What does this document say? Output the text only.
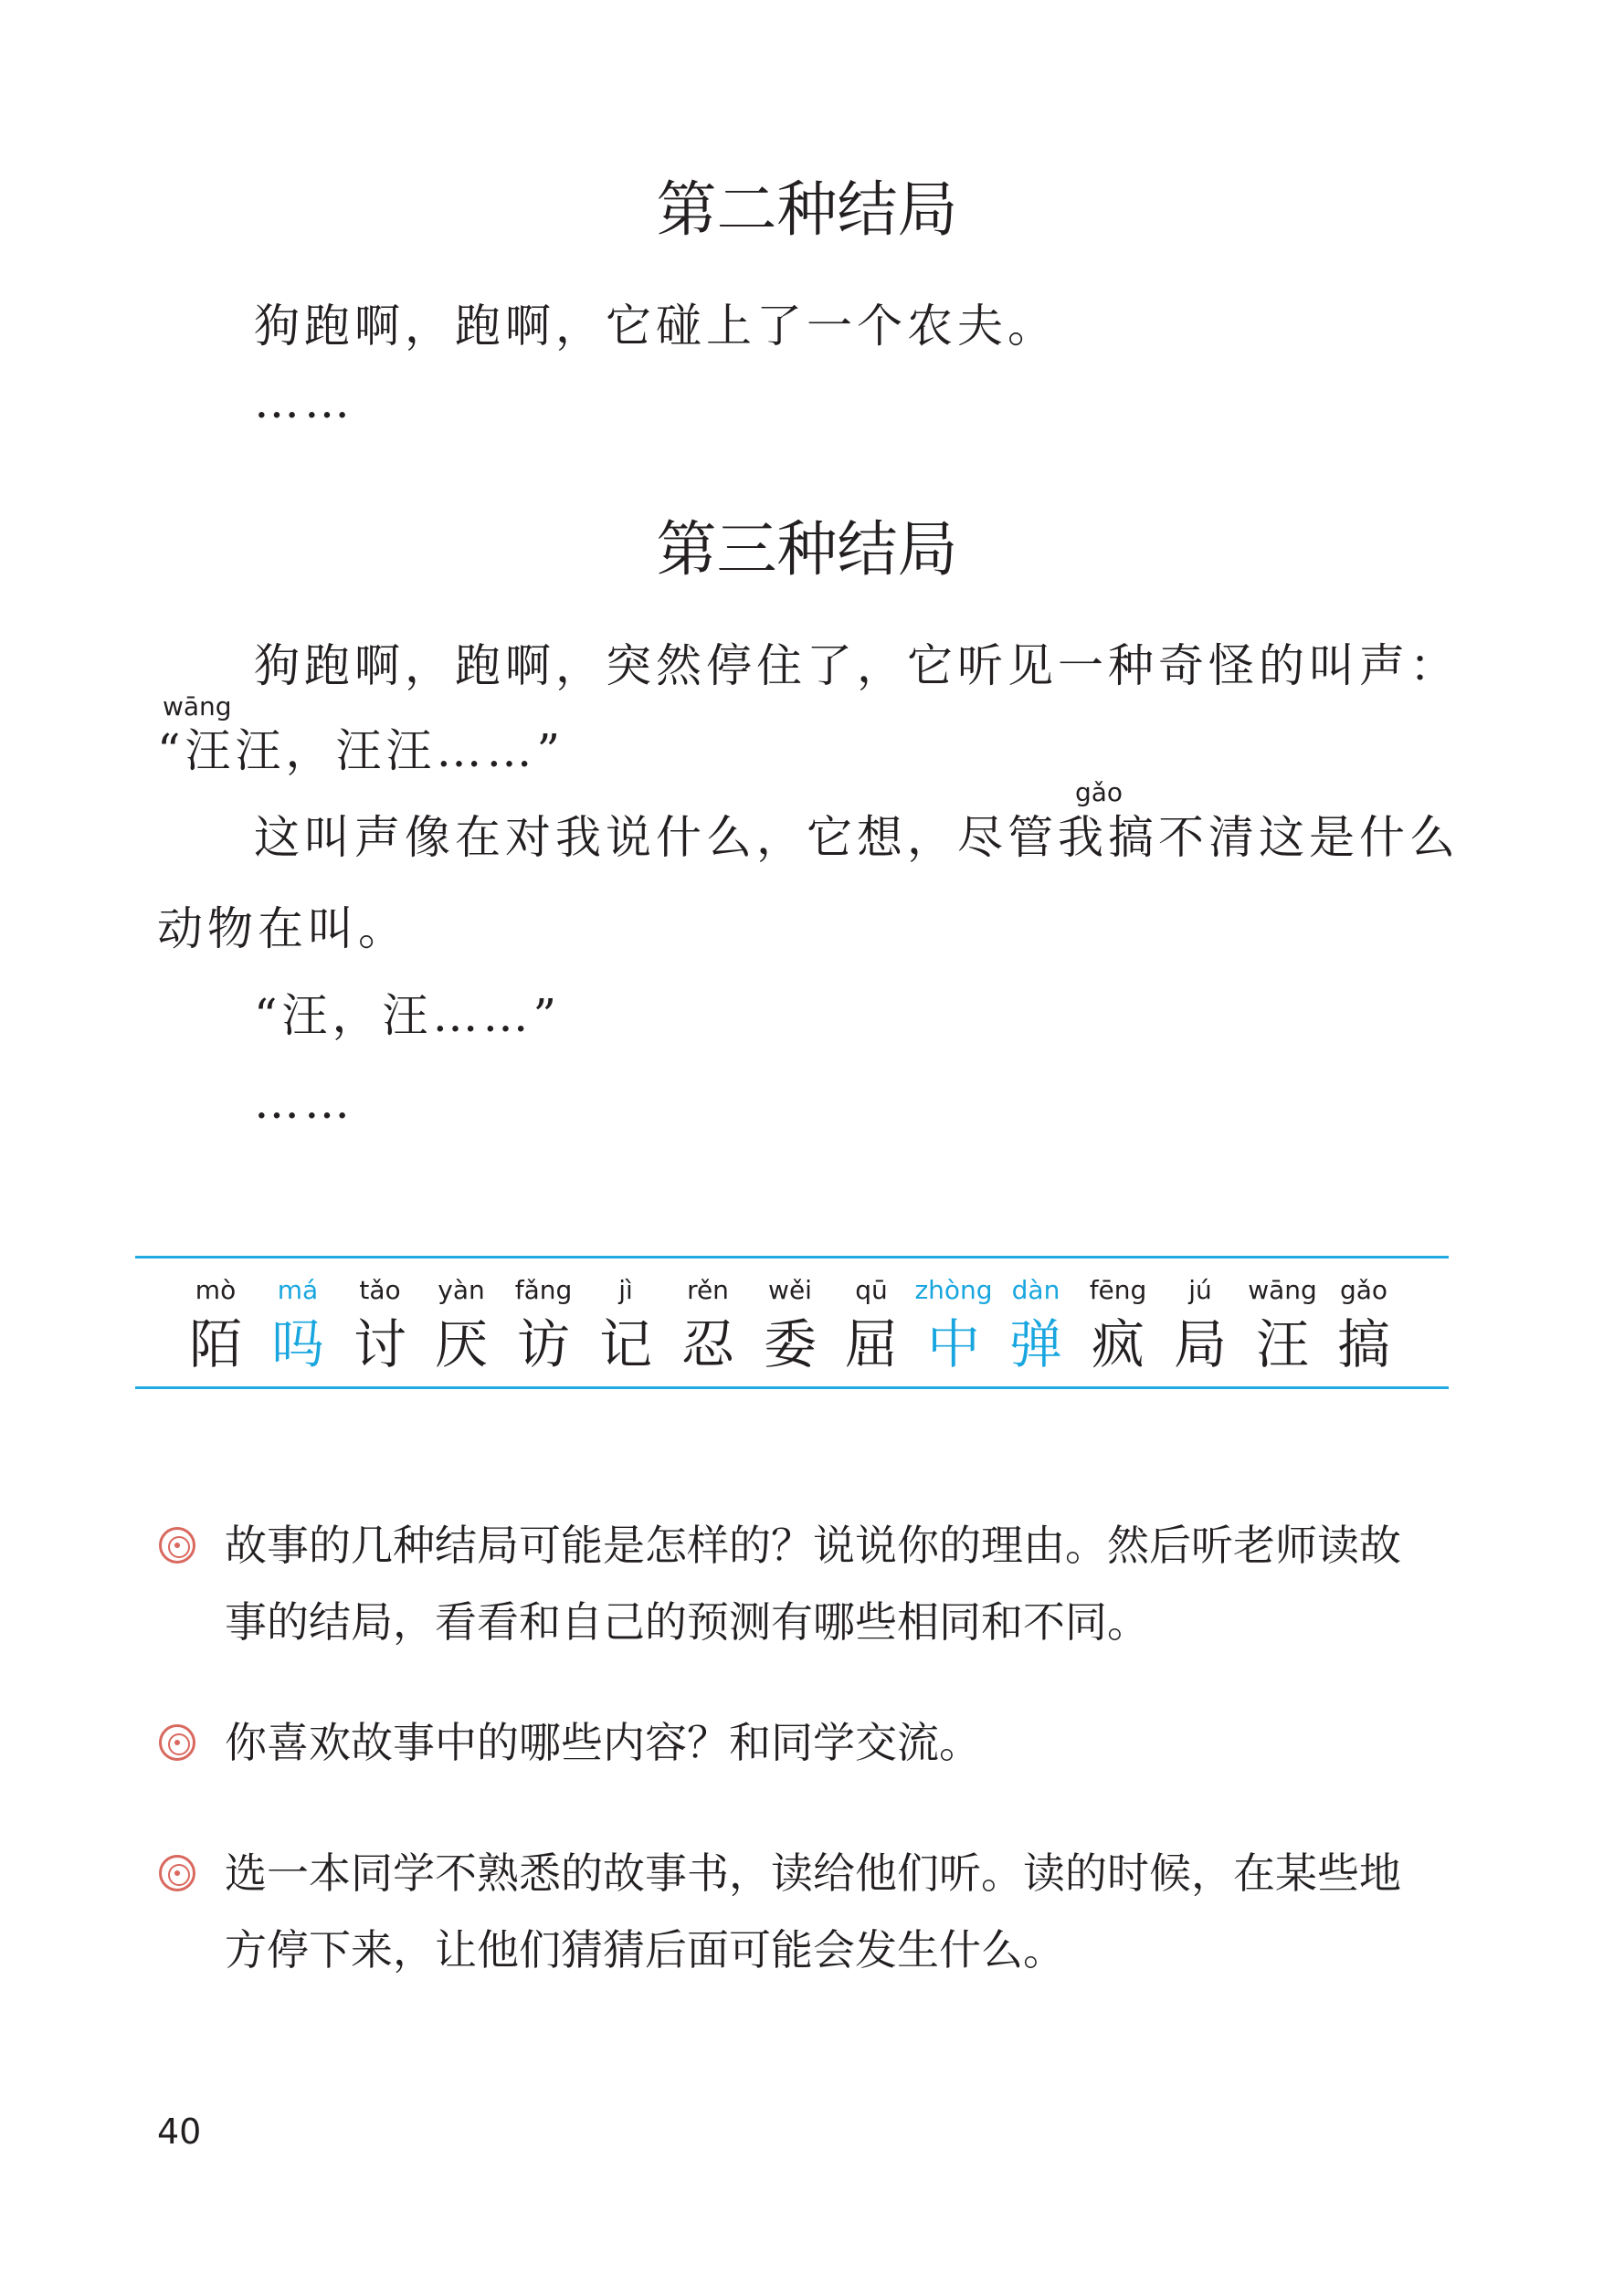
第二种结局
狗跑啊，跑啊，它碰上了一个农夫。
……
第三种结局
狗跑啊，跑啊，突然停住了，它听见一种奇怪的叫声：
wāng
“汪汪，汪汪……”
gǎo
这叫声像在对我说什么，它想，尽管我搞不清这是什么
动物在叫。
“汪，汪……”
……
mò
陌
má
吗
tǎo
讨
yàn
厌
fǎng
访
jì
记
rěn
忍
wěi
委
qū
屈
zhòng
中
dàn
弹
fēng
疯
jú
局
wāng
汪
gǎo
搞
故事的几种结局可能是怎样的？说说你的理由。然后听老师读故
事的结局，看看和自己的预测有哪些相同和不同。
你喜欢故事中的哪些内容？和同学交流。
选一本同学不熟悉的故事书，读给他们听。读的时候，在某些地
方停下来，让他们猜猜后面可能会发生什么。
40
